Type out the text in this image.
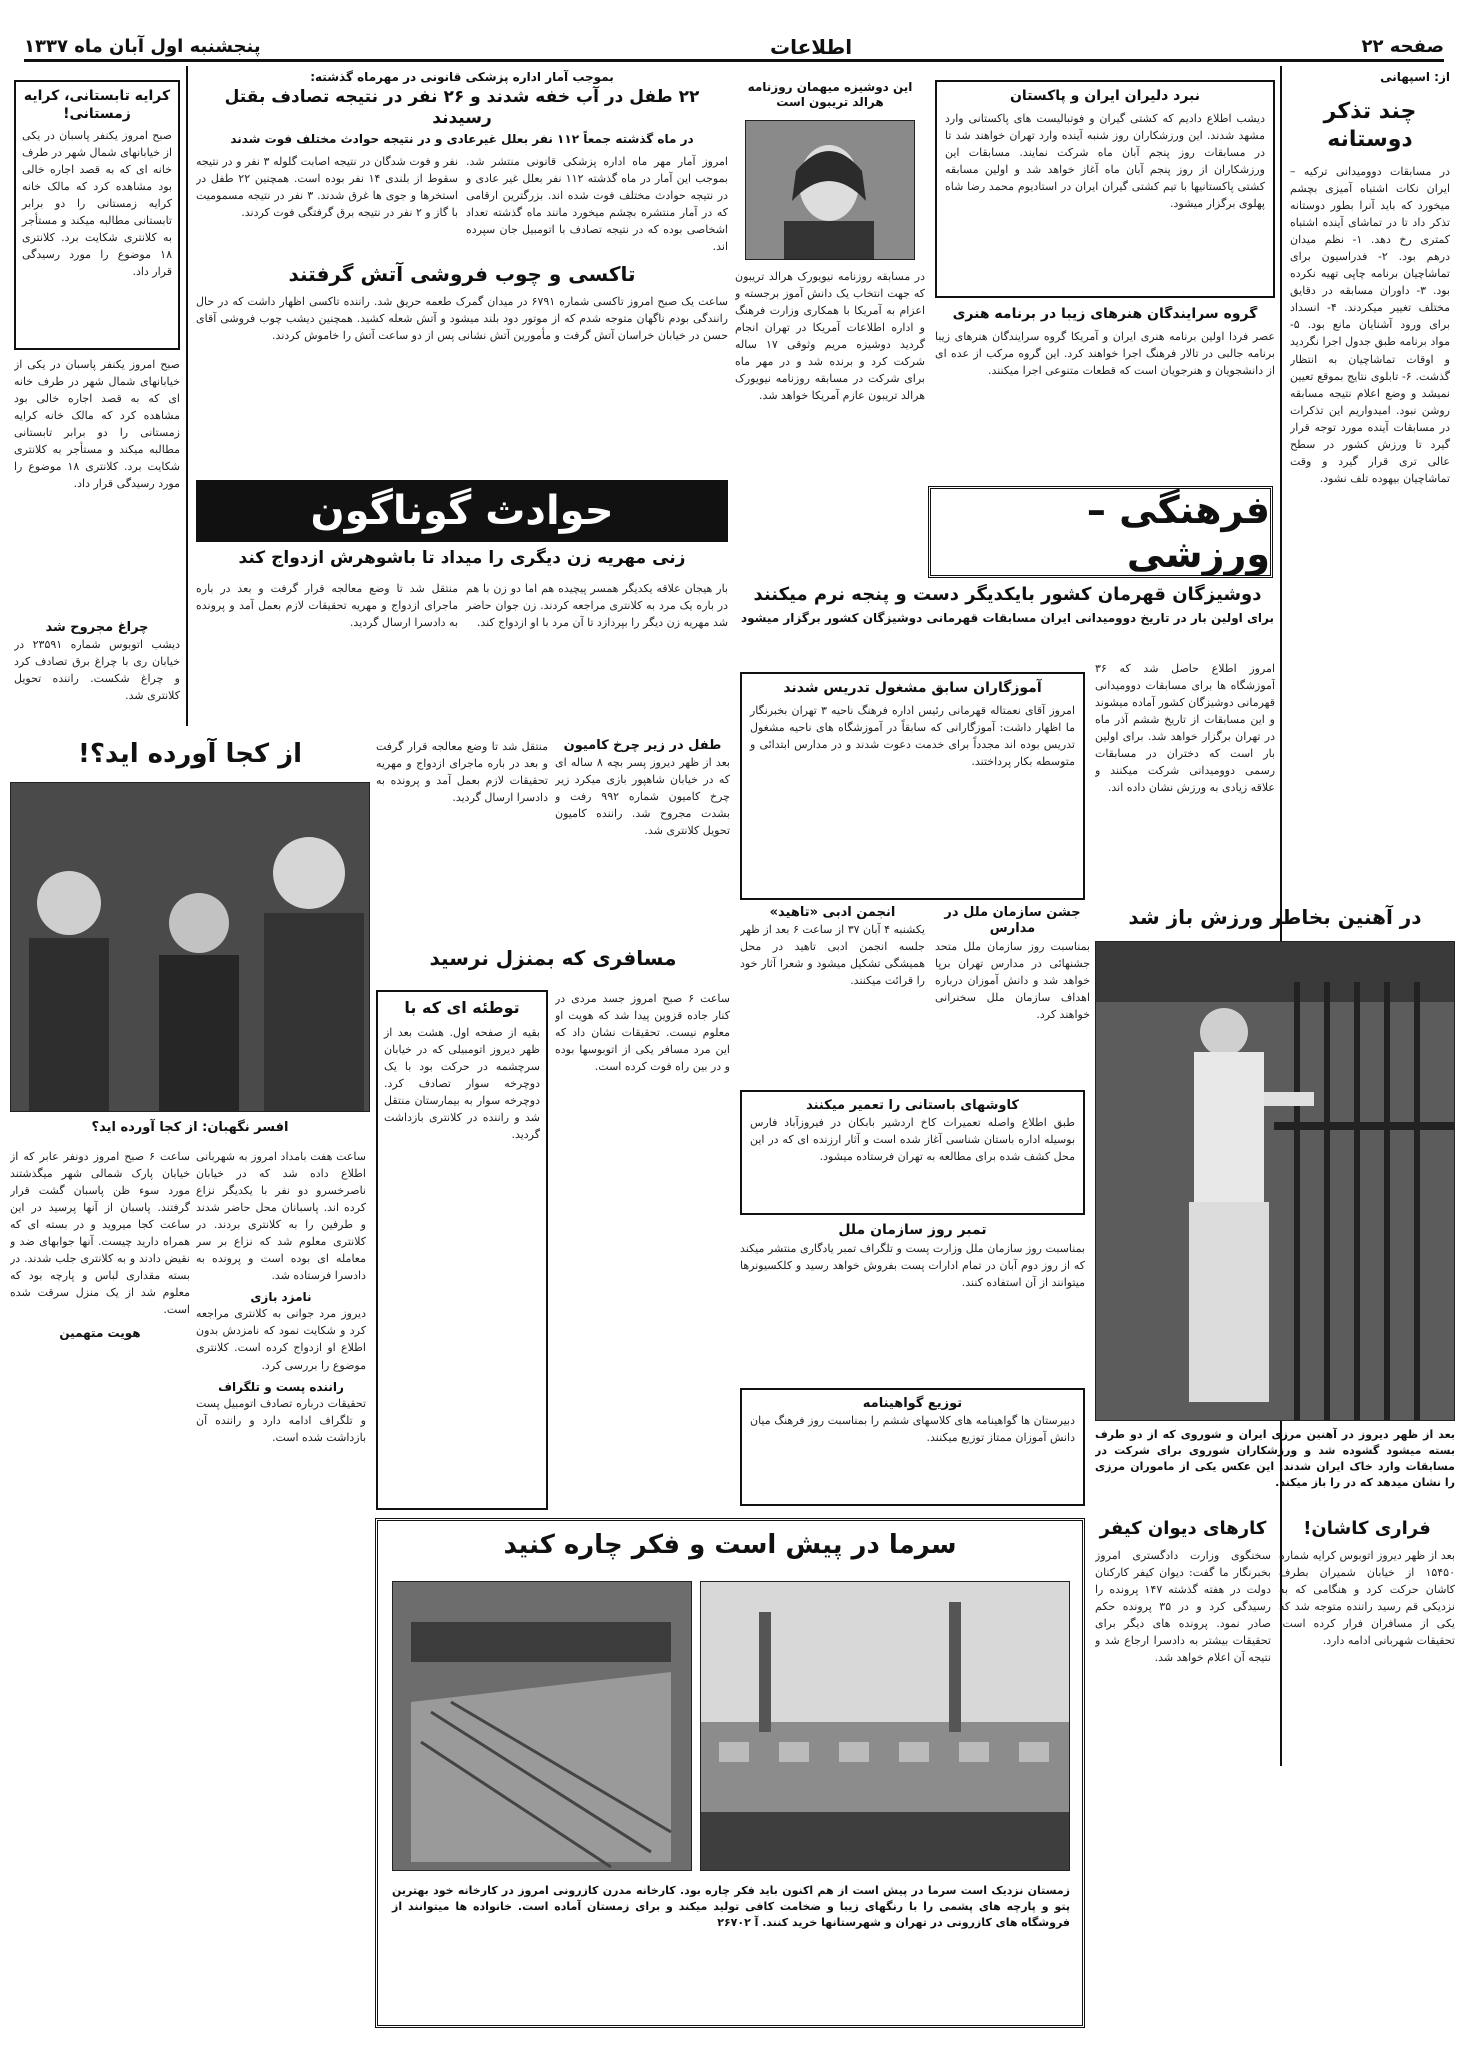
صفحه ۲۲
اطلاعات
پنجشنبه اول آبان ماه ۱۳۳۷
از: اسپهانی
چند تذکر دوستانه
در مسابقات دوومیدانی ترکیه – ایران نکات اشتباه آمیزی بچشم میخورد که باید آنرا بطور دوستانه تذکر داد تا در تماشای آینده اشتباه کمتری رخ دهد. ۱- نظم میدان درهم بود. ۲- فدراسیون برای تماشاچیان برنامه چاپی تهیه نکرده بود. ۳- داوران مسابقه در دقایق مختلف تغییر میکردند. ۴- انسداد برای ورود آشنایان مانع بود. ۵- مواد برنامه طبق جدول اجرا نگردید و اوقات تماشاچیان به انتظار گذشت. ۶- تابلوی نتایج بموقع تعیین نمیشد و وضع اعلام نتیجه مسابقه روشن نبود. امیدواریم این تذکرات در مسابقات آینده مورد توجه قرار گیرد تا ورزش کشور در سطح عالی تری قرار گیرد و وقت تماشاچیان بیهوده تلف نشود.
نبرد دلیران ایران و پاکستان
دیشب اطلاع دادیم که کشتی گیران و فوتبالیست های پاکستانی وارد مشهد شدند. این ورزشکاران روز شنبه آینده وارد تهران خواهند شد تا در مسابقات روز پنجم آبان ماه شرکت نمایند. مسابقات این ورزشکاران از روز پنجم آبان ماه آغاز خواهد شد و اولین مسابقه کشتی پاکستانیها با تیم کشتی گیران ایران در استادیوم محمد رضا شاه پهلوی برگزار میشود.
گروه سرایندگان هنرهای زیبا در برنامه هنری
عصر فردا اولین برنامه هنری ایران و آمریکا گروه سرایندگان هنرهای زیبا برنامه جالبی در تالار فرهنگ اجرا خواهند کرد. این گروه مرکب از عده ای از دانشجویان و هنرجویان است که قطعات متنوعی اجرا میکنند.
این دوشیزه میهمان روزنامه هرالد تریبون است
در مسابقه روزنامه نیویورک هرالد تریبون که جهت انتخاب یک دانش آموز برجسته و اعزام به آمریکا با همکاری وزارت فرهنگ و اداره اطلاعات آمریکا در تهران انجام گردید دوشیزه مریم وثوقی ۱۷ ساله شرکت کرد و برنده شد و در مهر ماه برای شرکت در مسابقه روزنامه نیویورک هرالد تریبون عازم آمریکا خواهد شد.
فرهنگی – ورزشی
دوشیزگان قهرمان کشور بایکدیگر دست و پنجه نرم میکنند
برای اولین بار در تاریخ دوومیدانی ایران مسابقات قهرمانی دوشیزگان کشور برگزار میشود
امروز اطلاع حاصل شد که ۳۶ آموزشگاه ها برای مسابقات دوومیدانی قهرمانی دوشیزگان کشور آماده میشوند و این مسابقات از تاریخ ششم آذر ماه در تهران برگزار خواهد شد. برای اولین بار است که دختران در مسابقات رسمی دوومیدانی شرکت میکنند و علاقه زیادی به ورزش نشان داده اند.
آموزگاران سابق مشغول تدریس شدند
امروز آقای نعمتاله قهرمانی رئیس اداره فرهنگ ناحیه ۳ تهران بخبرنگار ما اظهار داشت: آموزگارانی که سابقاً در آموزشگاه های ناحیه مشغول تدریس بوده اند مجدداً برای خدمت دعوت شدند و در مدارس ابتدائی و متوسطه بکار پرداختند.
جشن سازمان ملل در مدارس
بمناسبت روز سازمان ملل متحد جشنهائی در مدارس تهران برپا خواهد شد و دانش آموزان درباره اهداف سازمان ملل سخنرانی خواهند کرد.
انجمن ادبی «تاهید»
یکشنبه ۴ آبان ۳۷ از ساعت ۶ بعد از ظهر جلسه انجمن ادبی تاهید در محل همیشگی تشکیل میشود و شعرا آثار خود را قرائت میکنند.
کاوشهای باستانی را تعمیر میکنند
طبق اطلاع واصله تعمیرات کاخ اردشیر بابکان در فیروزآباد فارس بوسیله اداره باستان شناسی آغاز شده است و آثار ارزنده ای که در این محل کشف شده برای مطالعه به تهران فرستاده میشود.
تمبر روز سازمان ملل
بمناسبت روز سازمان ملل وزارت پست و تلگراف تمبر یادگاری منتشر میکند که از روز دوم آبان در تمام ادارات پست بفروش خواهد رسید و کلکسیونرها میتوانند از آن استفاده کنند.
توزیع گواهینامه
دبیرستان ها گواهینامه های کلاسهای ششم را بمناسبت روز فرهنگ میان دانش آموزان ممتاز توزیع میکنند.
در آهنین بخاطر ورزش باز شد
بعد از ظهر دیروز در آهنین مرزی ایران و شوروی که از دو طرف بسته میشود گشوده شد و ورزشکاران شوروی برای شرکت در مسابقات وارد خاک ایران شدند. این عکس یکی از ماموران مرزی را نشان میدهد که در را باز میکند.
فراری کاشان!
بعد از ظهر دیروز اتوبوس کرایه شماره ۱۵۴۵۰ از خیابان شمیران بطرف کاشان حرکت کرد و هنگامی که به نزدیکی قم رسید راننده متوجه شد که یکی از مسافران فرار کرده است. تحقیقات شهربانی ادامه دارد.
کارهای دیوان کیفر
سخنگوی وزارت دادگستری امروز بخبرنگار ما گفت: دیوان کیفر کارکنان دولت در هفته گذشته ۱۴۷ پرونده را رسیدگی کرد و در ۳۵ پرونده حکم صادر نمود. پرونده های دیگر برای تحقیقات بیشتر به دادسرا ارجاع شد و نتیجه آن اعلام خواهد شد.
سرما در پیش است و فکر چاره کنید
زمستان نزدیک است سرما در پیش است از هم اکنون باید فکر چاره بود. کارخانه مدرن کازرونی امروز در کارخانه خود بهترین پتو و پارچه های پشمی را با رنگهای زیبا و ضخامت کافی تولید میکند و برای زمستان آماده است. خانواده ها میتوانند از فروشگاه های کازرونی در تهران و شهرستانها خرید کنند. آ ۲۶۷۰۲
بموجب آمار اداره پزشکی قانونی در مهرماه گذشته:
۲۲ طفل در آب خفه شدند و ۲۶ نفر در نتیجه تصادف بقتل رسیدند
در ماه گذشته جمعاً ۱۱۲ نفر بعلل غیرعادی و در نتیجه حوادث مختلف فوت شدند
امروز آمار مهر ماه اداره پزشکی قانونی منتشر شد. بموجب این آمار در ماه گذشته ۱۱۲ نفر بعلل غیر عادی و در نتیجه حوادث مختلف فوت شده اند. بزرگترین ارقامی که در آمار منتشره بچشم میخورد مانند ماه گذشته تعداد اشخاصی بوده که در نتیجه تصادف با اتومبیل جان سپرده اند.
نفر و فوت شدگان در نتیجه اصابت گلوله ۳ نفر و در نتیجه سقوط از بلندی ۱۴ نفر بوده است. همچنین ۲۲ طفل در استخرها و جوی ها غرق شدند. ۳ نفر در نتیجه مسمومیت با گاز و ۲ نفر در نتیجه برق گرفتگی فوت کردند.
تاکسی و چوب فروشی آتش گرفتند
ساعت یک صبح امروز تاکسی شماره ۶۷۹۱ در میدان گمرک طعمه حریق شد. راننده تاکسی اظهار داشت که در حال رانندگی بودم ناگهان متوجه شدم که از موتور دود بلند میشود و آتش شعله کشید. همچنین دیشب چوب فروشی آقای حسن در خیابان خراسان آتش گرفت و مأمورین آتش نشانی پس از دو ساعت آتش را خاموش کردند.
حوادث گوناگون
زنی مهریه زن دیگری را میداد تا باشوهرش ازدواج کند
بار هیجان علاقه یکدیگر همسر پیچیده هم اما دو زن با هم در باره یک مرد به کلانتری مراجعه کردند. زن جوان حاضر شد مهریه زن دیگر را بپردازد تا آن مرد با او ازدواج کند.
منتقل شد تا وضع معالجه قرار گرفت و بعد در باره ماجرای ازدواج و مهریه تحقیقات لازم بعمل آمد و پرونده به دادسرا ارسال گردید.
کرایه تابستانی، کرایه زمستانی!
صبح امروز یکنفر پاسبان در یکی از خیابانهای شمال شهر در طرف خانه ای که به قصد اجاره خالی بود مشاهده کرد که مالک خانه کرایه زمستانی را دو برابر تابستانی مطالبه میکند و مستأجر به کلانتری شکایت برد. کلانتری ۱۸ موضوع را مورد رسیدگی قرار داد.
صبح امروز یکنفر پاسبان در یکی از خیابانهای شمال شهر در طرف خانه ای که به قصد اجاره خالی بود مشاهده کرد که مالک خانه کرایه زمستانی را دو برابر تابستانی مطالبه میکند و مستأجر به کلانتری شکایت برد. کلانتری ۱۸ موضوع را مورد رسیدگی قرار داد.
چراغ مجروح شد
دیشب اتوبوس شماره ۲۳۵۹۱ در خیابان ری با چراغ برق تصادف کرد و چراغ شکست. راننده تحویل کلانتری شد.
از کجا آورده اید؟!
افسر نگهبان: از کجا آورده اید؟
ساعت ۶ صبح امروز دونفر عابر که از خیابان پارک شمالی شهر میگذشتند مورد سوء ظن پاسبان گشت قرار گرفتند. پاسبان از آنها پرسید در این ساعت کجا میروید و در بسته ای که همراه دارید چیست. آنها جوابهای ضد و نقیض دادند و به کلانتری جلب شدند. در بسته مقداری لباس و پارچه بود که معلوم شد از یک منزل سرقت شده است.
هویت متهمین
ساعت هفت بامداد امروز به شهربانی اطلاع داده شد که در خیابان ناصرخسرو دو نفر با یکدیگر نزاع کرده اند. پاسبانان محل حاضر شدند و طرفین را به کلانتری بردند. در کلانتری معلوم شد که نزاع بر سر معامله ای بوده است و پرونده به دادسرا فرستاده شد.
نامزد بازی
دیروز مرد جوانی به کلانتری مراجعه کرد و شکایت نمود که نامزدش بدون اطلاع او ازدواج کرده است. کلانتری موضوع را بررسی کرد.
راننده پست و تلگراف
تحقیقات درباره تصادف اتومبیل پست و تلگراف ادامه دارد و راننده آن بازداشت شده است.
طفل در زیر چرخ کامیون
بعد از ظهر دیروز پسر بچه ۸ ساله ای که در خیابان شاهپور بازی میکرد زیر چرخ کامیون شماره ۹۹۲ رفت و بشدت مجروح شد. راننده کامیون تحویل کلانتری شد.
منتقل شد تا وضع معالجه قرار گرفت و بعد در باره ماجرای ازدواج و مهریه تحقیقات لازم بعمل آمد و پرونده به دادسرا ارسال گردید.
مسافری که بمنزل نرسید
ساعت ۶ صبح امروز جسد مردی در کنار جاده قزوین پیدا شد که هویت او معلوم نیست. تحقیقات نشان داد که این مرد مسافر یکی از اتوبوسها بوده و در بین راه فوت کرده است.
توطئه ای که با
بقیه از صفحه اول. هشت بعد از ظهر دیروز اتومبیلی که در خیابان سرچشمه در حرکت بود با یک دوچرخه سوار تصادف کرد. دوچرخه سوار به بیمارستان منتقل شد و راننده در کلانتری بازداشت گردید.
